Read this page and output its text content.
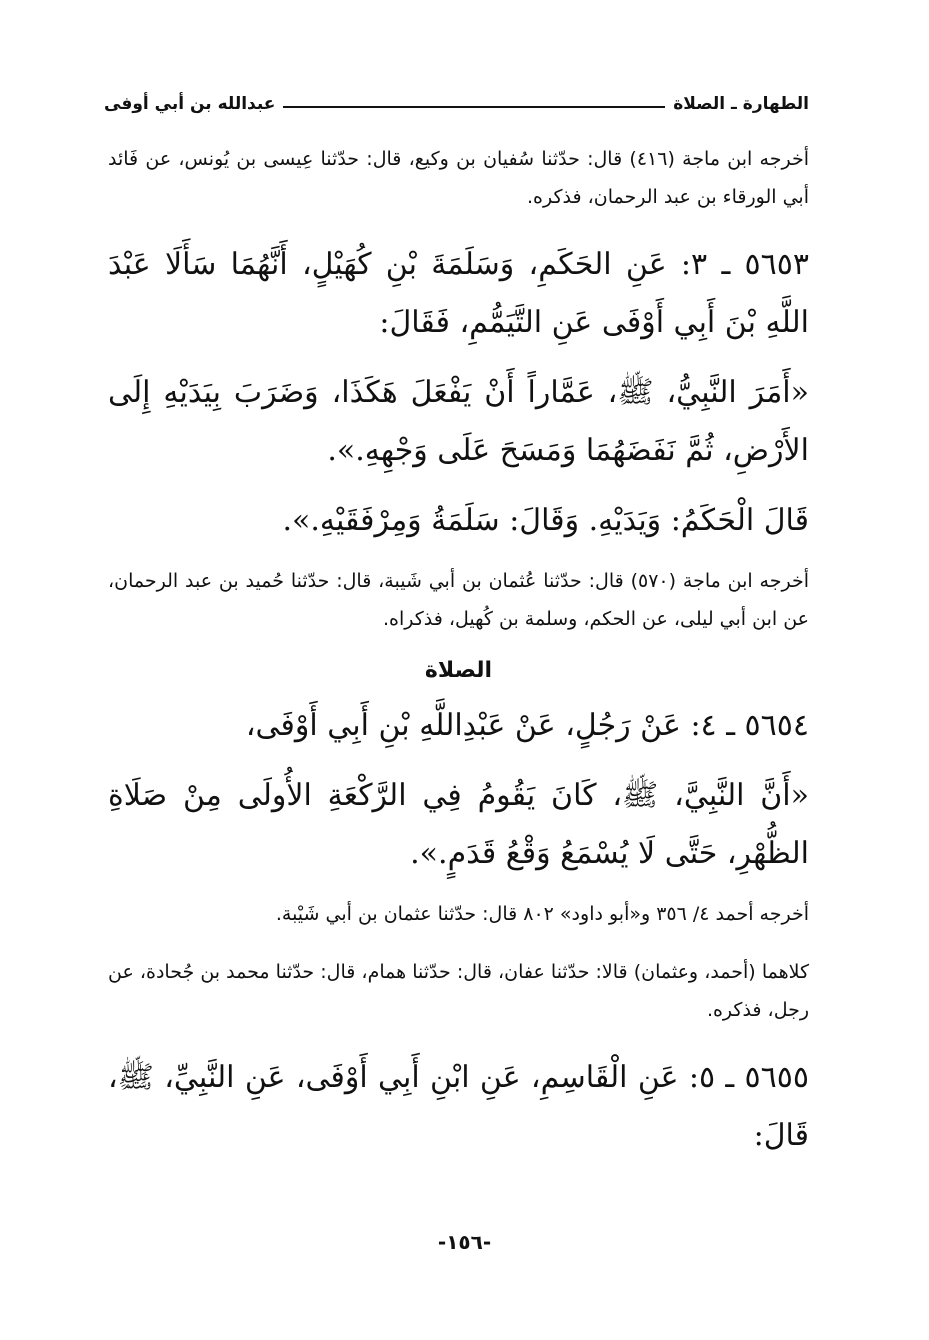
الطهارة ـ الصلاة
عبدالله بن أبي أوفى

أخرجه ابن ماجة (٤١٦) قال: حدّثنا سُفيان بن وكيع، قال: حدّثنا عِيسى بن يُونس، عن فَائد أبي الورقاء بن عبد الرحمان، فذكره.

٥٦٥٣ ـ ٣: عَنِ الحَكَمِ، وَسَلَمَةَ بْنِ كُهَيْلٍ، أَنَّهُمَا سَأَلَا عَبْدَ اللَّهِ بْنَ أَبِي أَوْفَى عَنِ التَّيَمُّمِ، فَقَالَ:

«أَمَرَ النَّبِيُّ، ﷺ، عَمَّاراً أَنْ يَفْعَلَ هَكَذَا، وَضَرَبَ بِيَدَيْهِ إِلَى الأَرْضِ، ثُمَّ نَفَضَهُمَا وَمَسَحَ عَلَى وَجْهِهِ.».

قَالَ الْحَكَمُ: وَيَدَيْهِ. وَقَالَ: سَلَمَةُ وَمِرْفَقَيْهِ.».

أخرجه ابن ماجة (٥٧٠) قال: حدّثنا عُثمان بن أبي شَيبة، قال: حدّثنا حُميد بن عبد الرحمان، عن ابن أبي ليلى، عن الحكم، وسلمة بن كُهيل، فذكراه.

الصلاة

٥٦٥٤ ـ ٤: عَنْ رَجُلٍ، عَنْ عَبْدِاللَّهِ بْنِ أَبِي أَوْفَى،

«أَنَّ النَّبِيَّ، ﷺ، كَانَ يَقُومُ فِي الرَّكْعَةِ الأُولَى مِنْ صَلَاةِ الظُّهْرِ، حَتَّى لَا يُسْمَعُ وَقْعُ قَدَمٍ.».

أخرجه أحمد ٤/ ٣٥٦ و«أبو داود» ٨٠٢ قال: حدّثنا عثمان بن أبي شَيْبة.

كلاهما (أحمد، وعثمان) قالا: حدّثنا عفان، قال: حدّثنا همام، قال: حدّثنا محمد بن جُحادة، عن رجل، فذكره.

٥٦٥٥ ـ ٥: عَنِ الْقَاسِمِ، عَنِ ابْنِ أَبِي أَوْفَى، عَنِ النَّبِيِّ، ﷺ، قَالَ:

-١٥٦-
